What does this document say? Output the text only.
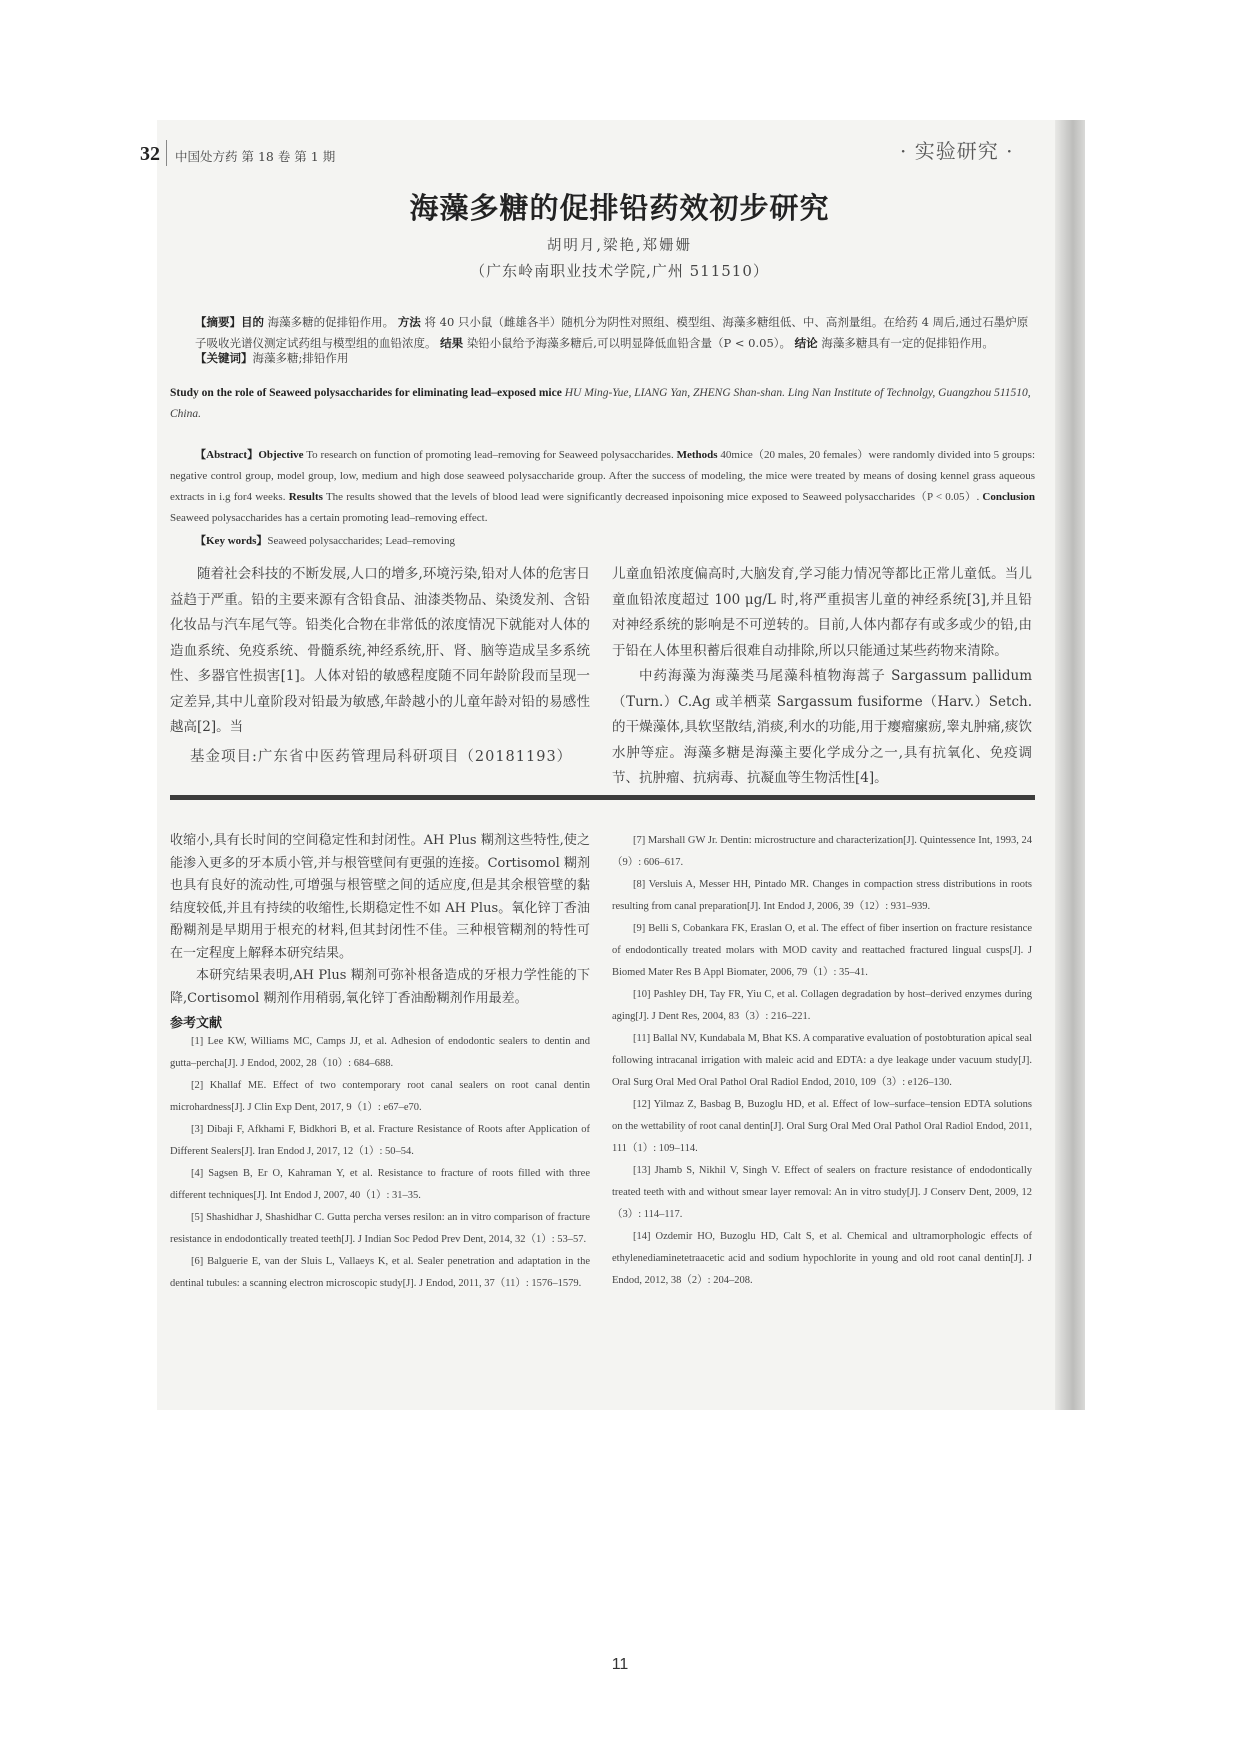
32 中国处方药 第 18 卷 第 1 期	· 实验研究 ·
海藻多糖的促排铅药效初步研究
胡明月,梁艳,郑姗姗
（广东岭南职业技术学院,广州 511510）
【摘要】目的 海藻多糖的促排铅作用。 方法 将 40 只小鼠（雌雄各半）随机分为阴性对照组、模型组、海藻多糖组低、中、高剂量组。在给药 4 周后,通过石墨炉原子吸收光谱仪测定试药组与模型组的血铅浓度。 结果 染铅小鼠给予海藻多糖后,可以明显降低血铅含量（P < 0.05）。 结论 海藻多糖具有一定的促排铅作用。
【关键词】海藻多糖;排铅作用
Study on the role of Seaweed polysaccharides for eliminating lead–exposed mice HU Ming-Yue, LIANG Yan, ZHENG Shan-shan. Ling Nan Institute of Technolgy, Guangzhou 511510, China.
【Abstract】Objective To research on function of promoting lead–removing for Seaweed polysaccharides. Methods 40mice（20 males, 20 females）were randomly divided into 5 groups: negative control group, model group, low, medium and high dose seaweed polysaccharide group. After the success of modeling, the mice were treated by means of dosing kennel grass aqueous extracts in i.g for4 weeks. Results The results showed that the levels of blood lead were significantly decreased inpoisoning mice exposed to Seaweed polysaccharides（P < 0.05）. Conclusion Seaweed polysaccharides has a certain promoting lead–removing effect.
【Key words】Seaweed polysaccharides; Lead–removing

随着社会科技的不断发展,人口的增多,环境污染,铅对人体的危害日益趋于严重。铅的主要来源有含铅食品、油漆类物品、染烫发剂、含铅化妆品与汽车尾气等。铅类化合物在非常低的浓度情况下就能对人体的造血系统、免疫系统、骨髓系统,神经系统,肝、肾、脑等造成呈多系统性、多器官性损害[1]。人体对铅的敏感程度随不同年龄阶段而呈现一定差异,其中儿童阶段对铅最为敏感,年龄越小的儿童年龄对铅的易感性越高[2]。当

基金项目:广东省中医药管理局科研项目（20181193）

儿童血铅浓度偏高时,大脑发育,学习能力情况等都比正常儿童低。当儿童血铅浓度超过 100 μg/L 时,将严重损害儿童的神经系统[3],并且铅对神经系统的影响是不可逆转的。目前,人体内都存有或多或少的铅,由于铅在人体里积蓄后很难自动排除,所以只能通过某些药物来清除。

中药海藻为海藻类马尾藻科植物海蒿子 Sargassum pallidum（Turn.）C.Ag 或羊栖菜 Sargassum fusiforme（Harv.）Setch. 的干燥藻体,具软坚散结,消痰,利水的功能,用于瘿瘤瘰疬,睾丸肿痛,痰饮水肿等症。海藻多糖是海藻主要化学成分之一,具有抗氧化、免疫调节、抗肿瘤、抗病毒、抗凝血等生物活性[4]。

收缩小,具有长时间的空间稳定性和封闭性。AH Plus 糊剂这些特性,使之能渗入更多的牙本质小管,并与根管壁间有更强的连接。Cortisomol 糊剂也具有良好的流动性,可增强与根管壁之间的适应度,但是其余根管壁的黏结度较低,并且有持续的收缩性,长期稳定性不如 AH Plus。氧化锌丁香油酚糊剂是早期用于根充的材料,但其封闭性不佳。三种根管糊剂的特性可在一定程度上解释本研究结果。

本研究结果表明,AH Plus 糊剂可弥补根备造成的牙根力学性能的下降,Cortisomol 糊剂作用稍弱,氧化锌丁香油酚糊剂作用最差。

参考文献

[1] Lee KW, Williams MC, Camps JJ, et al. Adhesion of endodontic sealers to dentin and gutta–percha[J]. J Endod, 2002, 28（10）: 684–688.

[2] Khallaf ME. Effect of two contemporary root canal sealers on root canal dentin microhardness[J]. J Clin Exp Dent, 2017, 9（1）: e67–e70.

[3] Dibaji F, Afkhami F, Bidkhori B, et al. Fracture Resistance of Roots after Application of Different Sealers[J]. Iran Endod J, 2017, 12（1）: 50–54.

[4] Sagsen B, Er O, Kahraman Y, et al. Resistance to fracture of roots filled with three different techniques[J]. Int Endod J, 2007, 40（1）: 31–35.

[5] Shashidhar J, Shashidhar C. Gutta percha verses resilon: an in vitro comparison of fracture resistance in endodontically treated teeth[J]. J Indian Soc Pedod Prev Dent, 2014, 32（1）: 53–57.

[6] Balguerie E, van der Sluis L, Vallaeys K, et al. Sealer penetration and adaptation in the dentinal tubules: a scanning electron microscopic study[J]. J Endod, 2011, 37（11）: 1576–1579.

[7] Marshall GW Jr. Dentin: microstructure and characterization[J]. Quintessence Int, 1993, 24（9）: 606–617.

[8] Versluis A, Messer HH, Pintado MR. Changes in compaction stress distributions in roots resulting from canal preparation[J]. Int Endod J, 2006, 39（12）: 931–939.

[9] Belli S, Cobankara FK, Eraslan O, et al. The effect of fiber insertion on fracture resistance of endodontically treated molars with MOD cavity and reattached fractured lingual cusps[J]. J Biomed Mater Res B Appl Biomater, 2006, 79（1）: 35–41.

[10] Pashley DH, Tay FR, Yiu C, et al. Collagen degradation by host–derived enzymes during aging[J]. J Dent Res, 2004, 83（3）: 216–221.

[11] Ballal NV, Kundabala M, Bhat KS. A comparative evaluation of postobturation apical seal following intracanal irrigation with maleic acid and EDTA: a dye leakage under vacuum study[J]. Oral Surg Oral Med Oral Pathol Oral Radiol Endod, 2010, 109（3）: e126–130.

[12] Yilmaz Z, Basbag B, Buzoglu HD, et al. Effect of low–surface–tension EDTA solutions on the wettability of root canal dentin[J]. Oral Surg Oral Med Oral Pathol Oral Radiol Endod, 2011, 111（1）: 109–114.

[13] Jhamb S, Nikhil V, Singh V. Effect of sealers on fracture resistance of endodontically treated teeth with and without smear layer removal: An in vitro study[J]. J Conserv Dent, 2009, 12（3）: 114–117.

[14] Ozdemir HO, Buzoglu HD, Calt S, et al. Chemical and ultramorphologic effects of ethylenediaminetetraacetic acid and sodium hypochlorite in young and old root canal dentin[J]. J Endod, 2012, 38（2）: 204–208.

11
